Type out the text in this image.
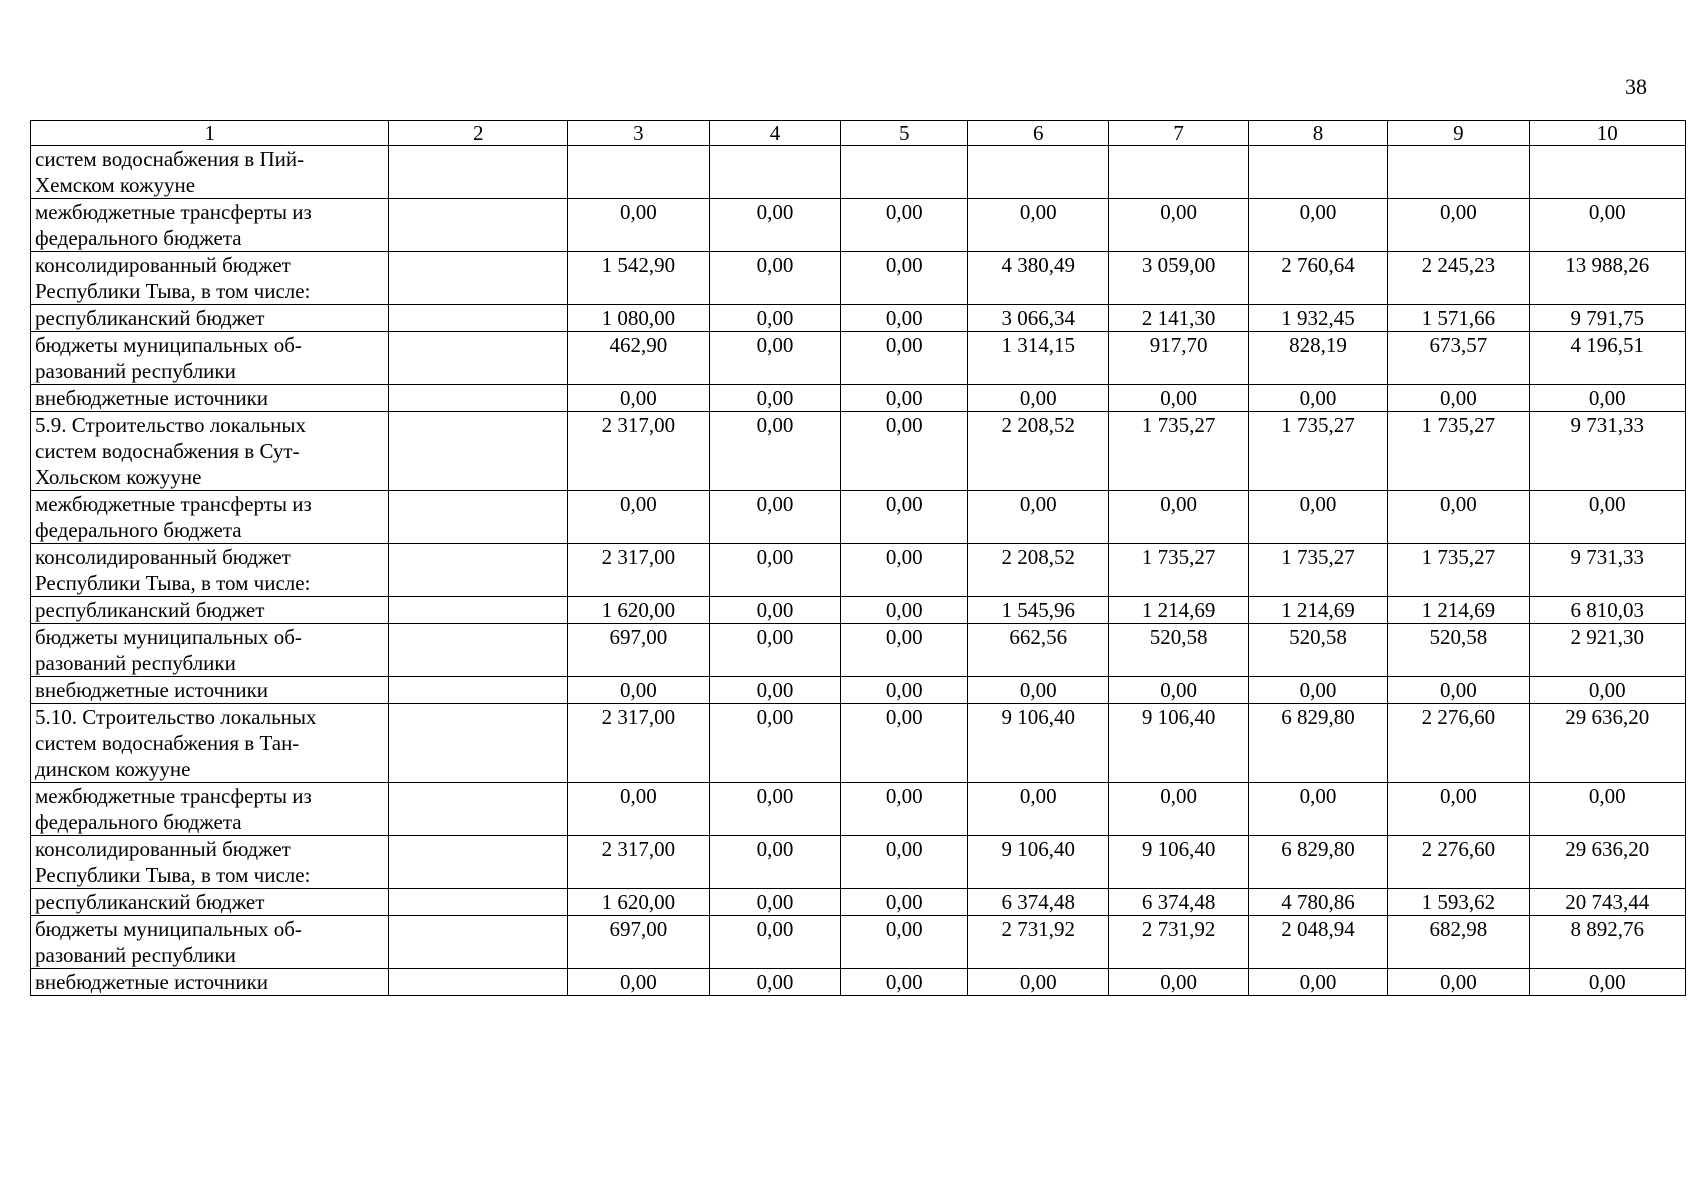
38
1	2	3	4	5	6	7	8	9	10

систем водоснабжения в Пий-
Хемском кожууне									

межбюджетные трансферты из
федерального бюджета		0,00	0,00	0,00	0,00	0,00	0,00	0,00	0,00

консолидированный бюджет
Республики Тыва, в том числе:		1 542,90	0,00	0,00	4 380,49	3 059,00	2 760,64	2 245,23	13 988,26

республиканский бюджет		1 080,00	0,00	0,00	3 066,34	2 141,30	1 932,45	1 571,66	9 791,75

бюджеты муниципальных об-
разований республики		462,90	0,00	0,00	1 314,15	917,70	828,19	673,57	4 196,51

внебюджетные источники		0,00	0,00	0,00	0,00	0,00	0,00	0,00	0,00

5.9. Строительство локальных
систем водоснабжения в Сут-
Хольском кожууне		2 317,00	0,00	0,00	2 208,52	1 735,27	1 735,27	1 735,27	9 731,33

межбюджетные трансферты из
федерального бюджета		0,00	0,00	0,00	0,00	0,00	0,00	0,00	0,00

консолидированный бюджет
Республики Тыва, в том числе:		2 317,00	0,00	0,00	2 208,52	1 735,27	1 735,27	1 735,27	9 731,33

республиканский бюджет		1 620,00	0,00	0,00	1 545,96	1 214,69	1 214,69	1 214,69	6 810,03

бюджеты муниципальных об-
разований республики		697,00	0,00	0,00	662,56	520,58	520,58	520,58	2 921,30

внебюджетные источники		0,00	0,00	0,00	0,00	0,00	0,00	0,00	0,00

5.10. Строительство локальных
систем водоснабжения в Тан-
динском кожууне		2 317,00	0,00	0,00	9 106,40	9 106,40	6 829,80	2 276,60	29 636,20

межбюджетные трансферты из
федерального бюджета		0,00	0,00	0,00	0,00	0,00	0,00	0,00	0,00

консолидированный бюджет
Республики Тыва, в том числе:		2 317,00	0,00	0,00	9 106,40	9 106,40	6 829,80	2 276,60	29 636,20

республиканский бюджет		1 620,00	0,00	0,00	6 374,48	6 374,48	4 780,86	1 593,62	20 743,44

бюджеты муниципальных об-
разований республики		697,00	0,00	0,00	2 731,92	2 731,92	2 048,94	682,98	8 892,76

внебюджетные источники		0,00	0,00	0,00	0,00	0,00	0,00	0,00	0,00
